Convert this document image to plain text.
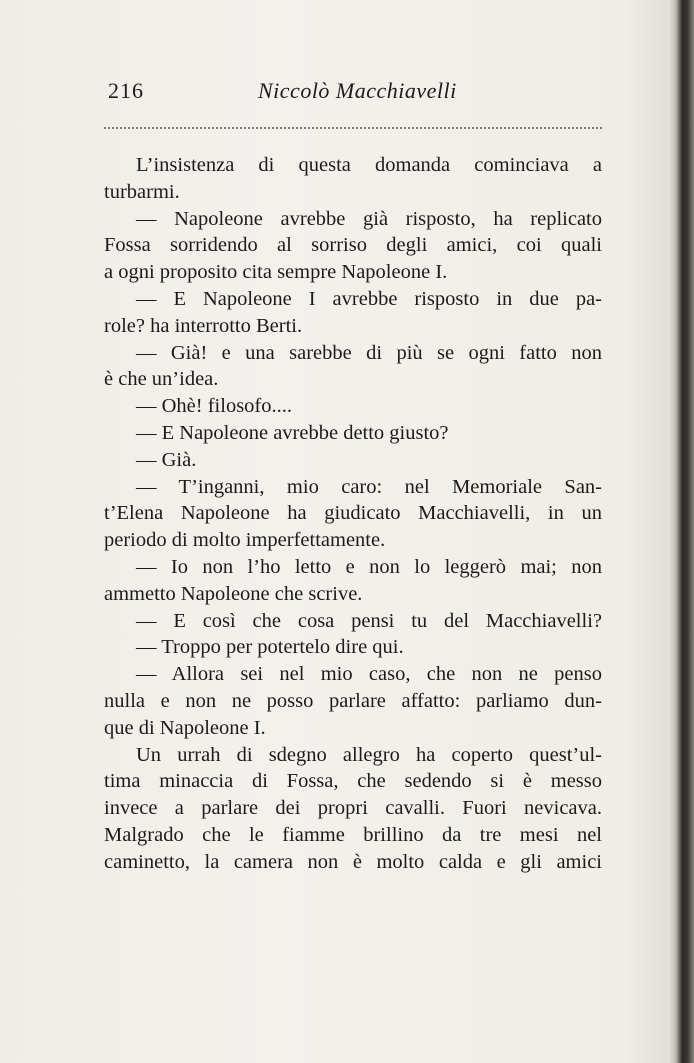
216	Niccolò Macchiavelli
L’insistenza di questa domanda cominciava a
turbarmi.
— Napoleone avrebbe già risposto, ha replicato
Fossa sorridendo al sorriso degli amici, coi quali
a ogni proposito cita sempre Napoleone I.
— E Napoleone I avrebbe risposto in due pa-
role? ha interrotto Berti.
— Già! e una sarebbe di più se ogni fatto non
è che un’idea.
— Ohè! filosofo....
— E Napoleone avrebbe detto giusto?
— Già.
— T’inganni, mio caro: nel Memoriale San-
t’Elena Napoleone ha giudicato Macchiavelli, in un
periodo di molto imperfettamente.
— Io non l’ho letto e non lo leggerò mai; non
ammetto Napoleone che scrive.
— E così che cosa pensi tu del Macchiavelli?
— Troppo per potertelo dire qui.
— Allora sei nel mio caso, che non ne penso
nulla e non ne posso parlare affatto: parliamo dun-
que di Napoleone I.
Un urrah di sdegno allegro ha coperto quest’ul-
tima minaccia di Fossa, che sedendo si è messo
invece a parlare dei propri cavalli. Fuori nevicava.
Malgrado che le fiamme brillino da tre mesi nel
caminetto, la camera non è molto calda e gli amici
